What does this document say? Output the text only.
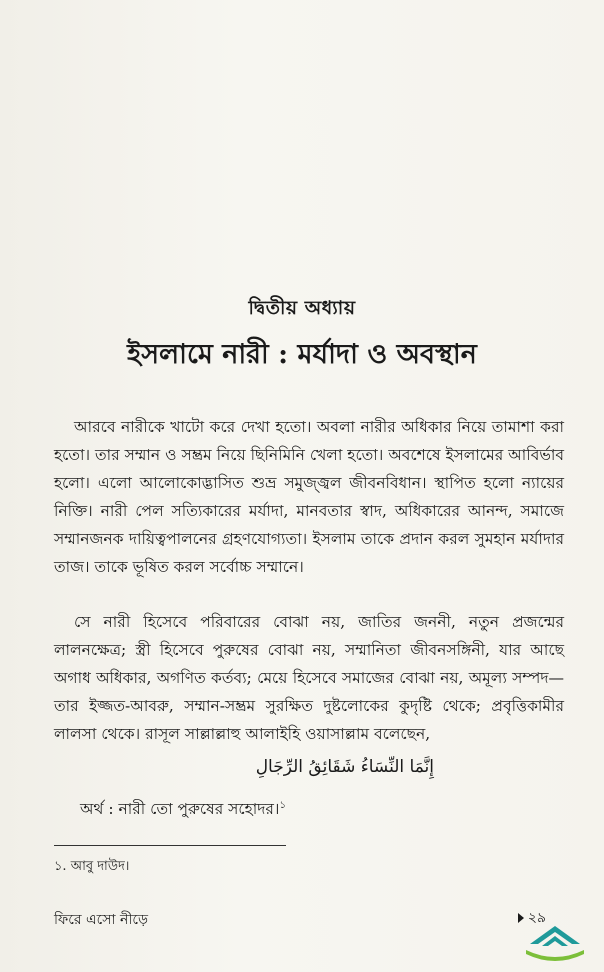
দ্বিতীয় অধ্যায়
ইসলামে নারী : মর্যাদা ও অবস্থান

আরবে নারীকে খাটো করে দেখা হতো। অবলা নারীর অধিকার নিয়ে তামাশা করা হতো। তার সম্মান ও সম্ভ্রম নিয়ে ছিনিমিনি খেলা হতো। অবশেষে ইসলামের আবির্ভাব হলো। এলো আলোকোদ্ভাসিত শুভ্র সমুজ্জ্বল জীবনবিধান। স্থাপিত হলো ন্যায়ের নিক্তি। নারী পেল সত্যিকারের মর্যাদা, মানবতার স্বাদ, অধিকারের আনন্দ, সমাজে সম্মানজনক দায়িত্বপালনের গ্রহণযোগ্যতা। ইসলাম তাকে প্রদান করল সুমহান মর্যাদার তাজ। তাকে ভূষিত করল সর্বোচ্চ সম্মানে।

সে নারী হিসেবে পরিবারের বোঝা নয়, জাতির জননী, নতুন প্রজন্মের লালনক্ষেত্র; স্ত্রী হিসেবে পুরুষের বোঝা নয়, সম্মানিতা জীবনসঙ্গিনী, যার আছে অগাধ অধিকার, অগণিত কর্তব্য; মেয়ে হিসেবে সমাজের বোঝা নয়, অমূল্য সম্পদ—তার ইজ্জত-আবরু, সম্মান-সম্ভ্রম সুরক্ষিত দুষ্টলোকের কুদৃষ্টি থেকে; প্রবৃত্তিকামীর লালসা থেকে। রাসূল সাল্লাল্লাহু আলাইহি ওয়াসাল্লাম বলেছেন,

إِنَّمَا النِّسَاءُ شَقَائِقُ الرِّجَالِ
অর্থ : নারী তো পুরুষের সহোদর।$^১$
১. আবু দাউদ।
ফিরে এসো নীড়ে	২৯
